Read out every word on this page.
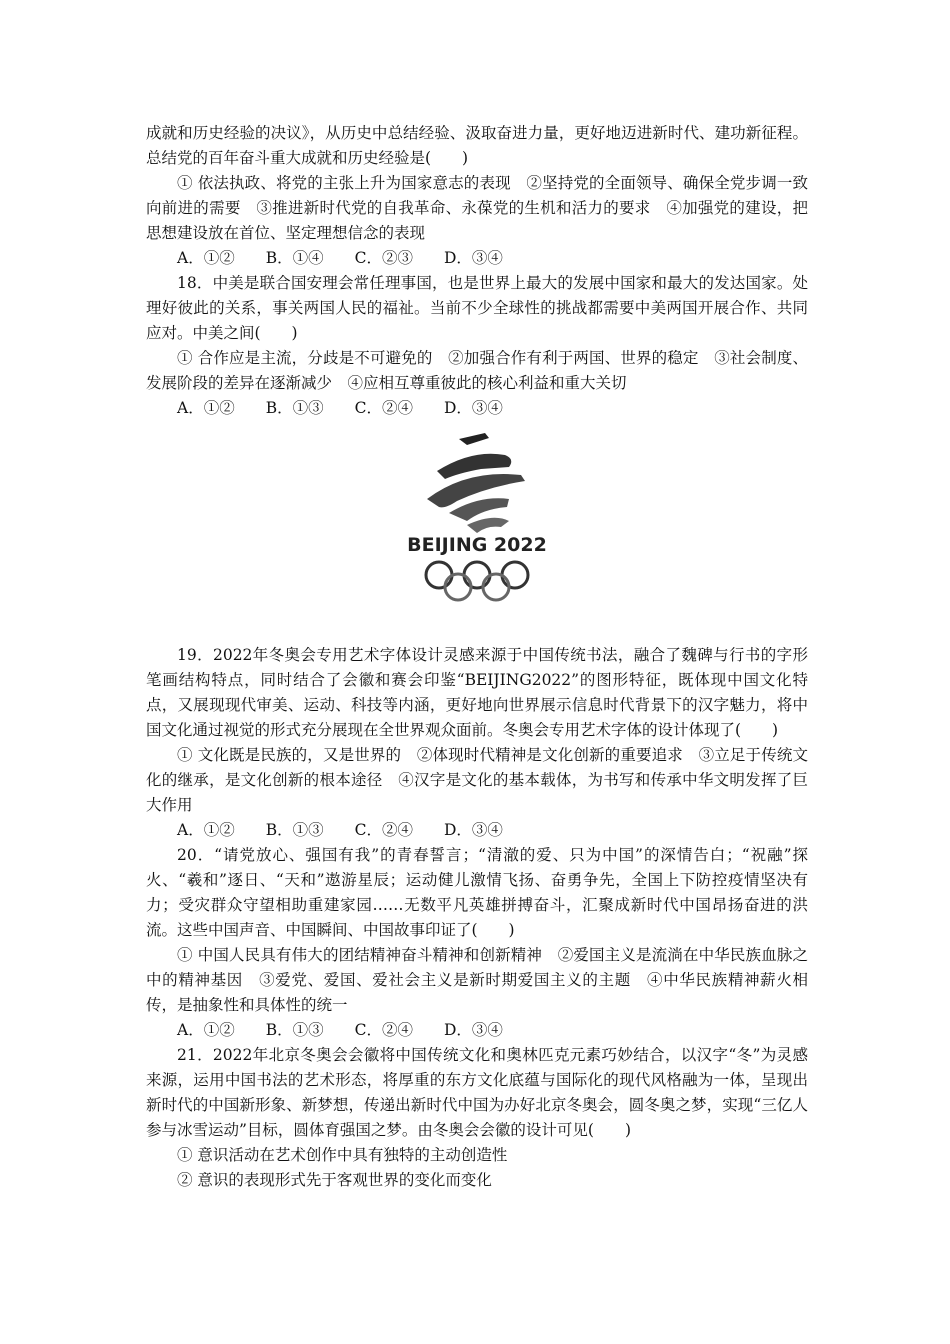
成就和历史经验的决议》，从历史中总结经验、汲取奋进力量，更好地迈进新时代、建功新征程。总结党的百年奋斗重大成就和历史经验是(　　)

① 依法执政、将党的主张上升为国家意志的表现　②坚持党的全面领导、确保全党步调一致向前进的需要　③推进新时代党的自我革命、永葆党的生机和活力的要求　④加强党的建设，把思想建设放在首位、坚定理想信念的表现

A．①②　　B．①④　　C．②③　　D．③④

18．中美是联合国安理会常任理事国，也是世界上最大的发展中国家和最大的发达国家。处理好彼此的关系，事关两国人民的福祉。当前不少全球性的挑战都需要中美两国开展合作、共同应对。中美之间(　　)

① 合作应是主流，分歧是不可避免的　②加强合作有利于两国、世界的稳定　③社会制度、发展阶段的差异在逐渐减少　④应相互尊重彼此的核心利益和重大关切

A．①②　　B．①③　　C．②④　　D．③④

BEIJING 2022

19．2022年冬奥会专用艺术字体设计灵感来源于中国传统书法，融合了魏碑与行书的字形笔画结构特点，同时结合了会徽和赛会印鉴“BEIJING2022”的图形特征，既体现中国文化特点，又展现现代审美、运动、科技等内涵，更好地向世界展示信息时代背景下的汉字魅力，将中国文化通过视觉的形式充分展现在全世界观众面前。冬奥会专用艺术字体的设计体现了(　　)

① 文化既是民族的，又是世界的　②体现时代精神是文化创新的重要追求　③立足于传统文化的继承，是文化创新的根本途径　④汉字是文化的基本载体，为书写和传承中华文明发挥了巨大作用

A．①②　　B．①③　　C．②④　　D．③④

20．“请党放心、强国有我”的青春誓言；“清澈的爱、只为中国”的深情告白；“祝融”探火、“羲和”逐日、“天和”遨游星辰；运动健儿激情飞扬、奋勇争先，全国上下防控疫情坚决有力；受灾群众守望相助重建家园……无数平凡英雄拼搏奋斗，汇聚成新时代中国昂扬奋进的洪流。这些中国声音、中国瞬间、中国故事印证了(　　)

① 中国人民具有伟大的团结精神奋斗精神和创新精神　②爱国主义是流淌在中华民族血脉之中的精神基因　③爱党、爱国、爱社会主义是新时期爱国主义的主题　④中华民族精神薪火相传，是抽象性和具体性的统一

A．①②　　B．①③　　C．②④　　D．③④

21．2022年北京冬奥会会徽将中国传统文化和奥林匹克元素巧妙结合，以汉字“冬”为灵感来源，运用中国书法的艺术形态，将厚重的东方文化底蕴与国际化的现代风格融为一体，呈现出新时代的中国新形象、新梦想，传递出新时代中国为办好北京冬奥会，圆冬奥之梦，实现“三亿人参与冰雪运动”目标，圆体育强国之梦。由冬奥会会徽的设计可见(　　)

① 意识活动在艺术创作中具有独特的主动创造性

② 意识的表现形式先于客观世界的变化而变化
